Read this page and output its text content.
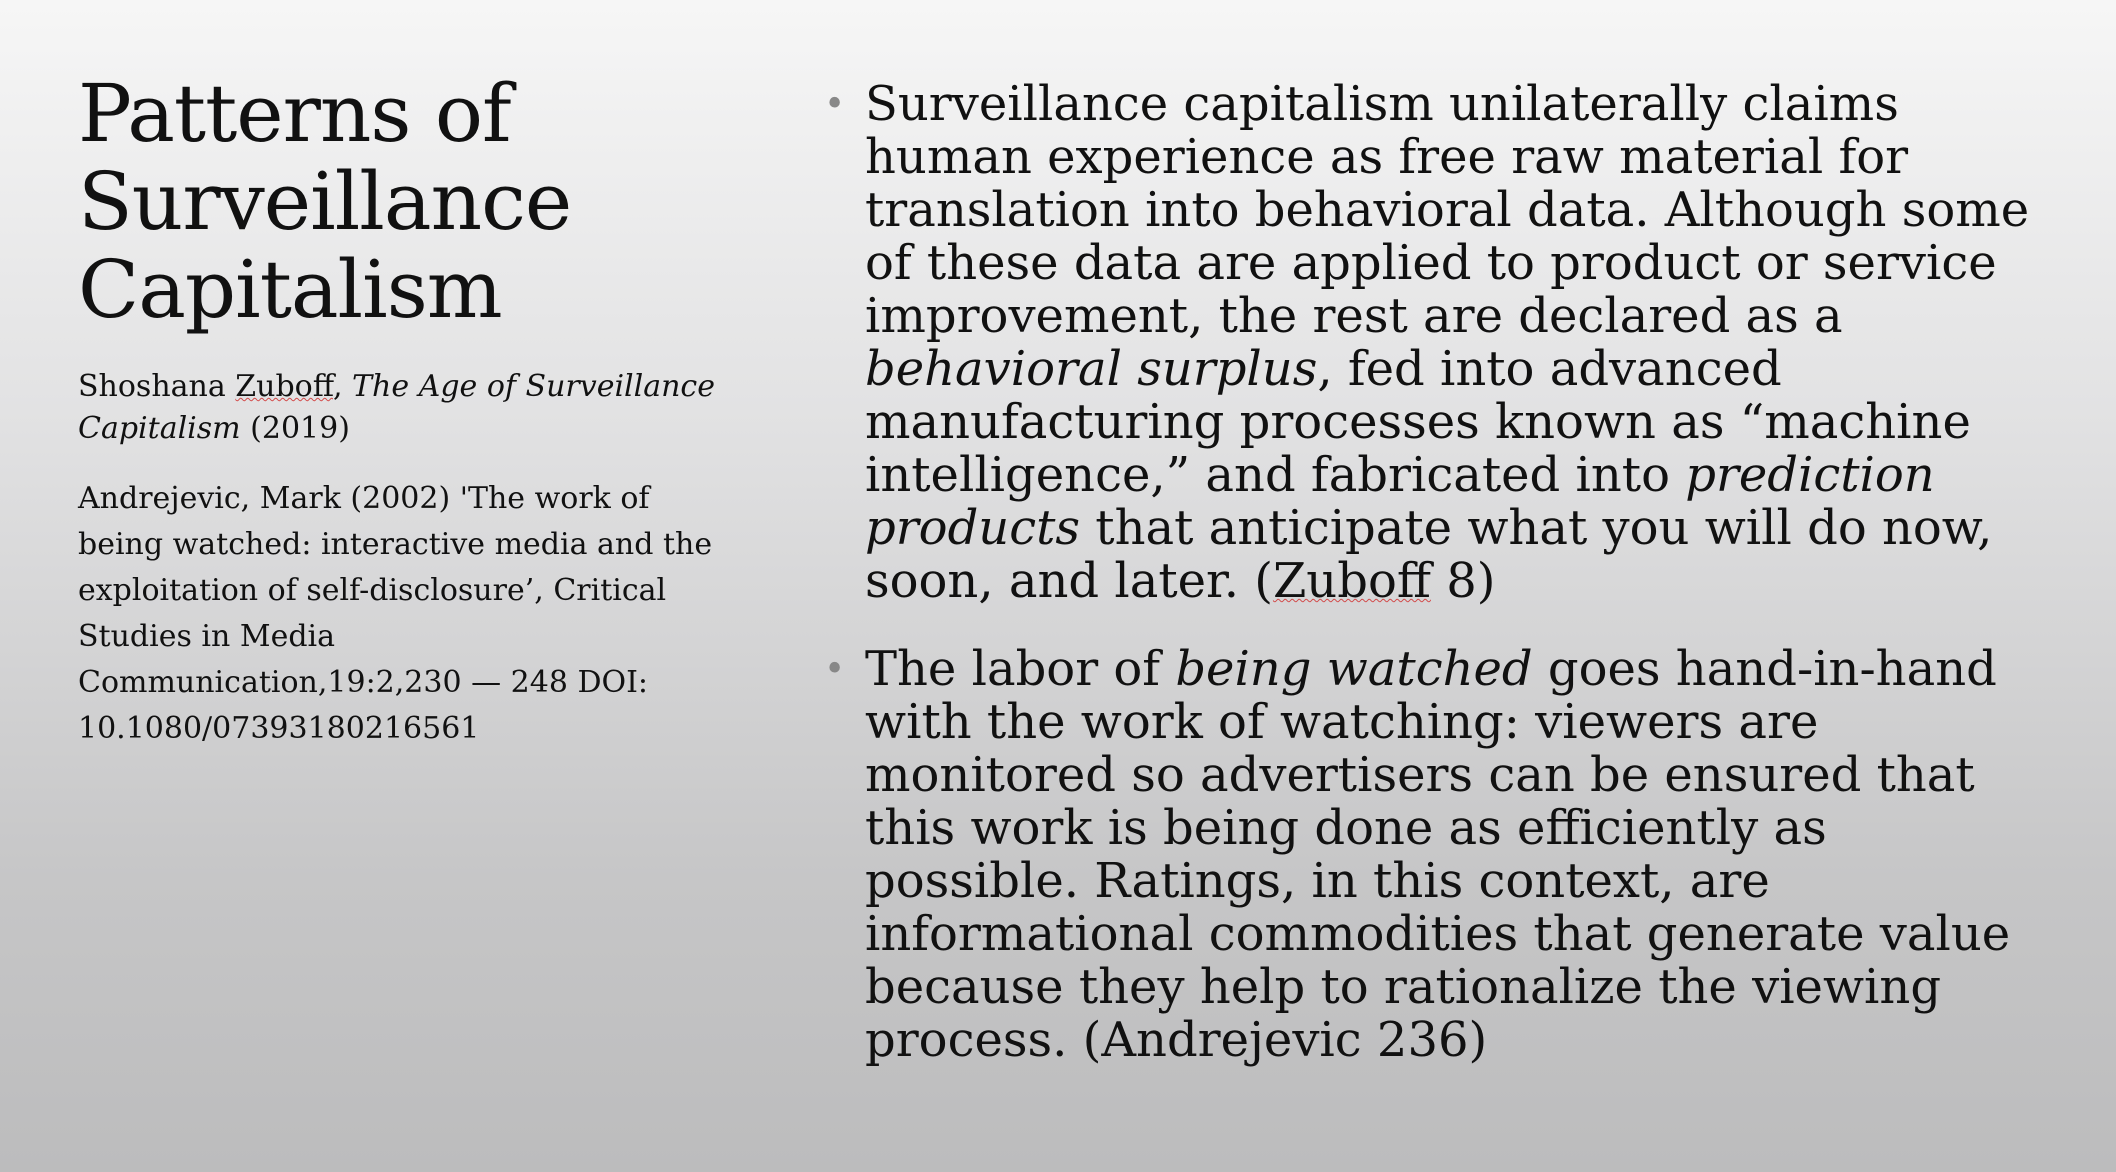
Patterns of
Surveillance
Capitalism

Shoshana Zuboff, The Age of Surveillance Capitalism (2019)

Andrejevic, Mark (2002) 'The work of being watched: interactive media and the exploitation of self-disclosure’, Critical Studies in Media Communication,19:2,230 — 248 DOI: 10.1080/07393180216561

• Surveillance capitalism unilaterally claims human experience as free raw material for translation into behavioral data. Although some of these data are applied to product or service improvement, the rest are declared as a behavioral surplus, fed into advanced manufacturing processes known as “machine intelligence,” and fabricated into prediction products that anticipate what you will do now, soon, and later. (Zuboff 8)
• The labor of being watched goes hand-in-hand with the work of watching: viewers are monitored so advertisers can be ensured that this work is being done as efficiently as possible. Ratings, in this context, are informational commodities that generate value because they help to rationalize the viewing process. (Andrejevic 236)
